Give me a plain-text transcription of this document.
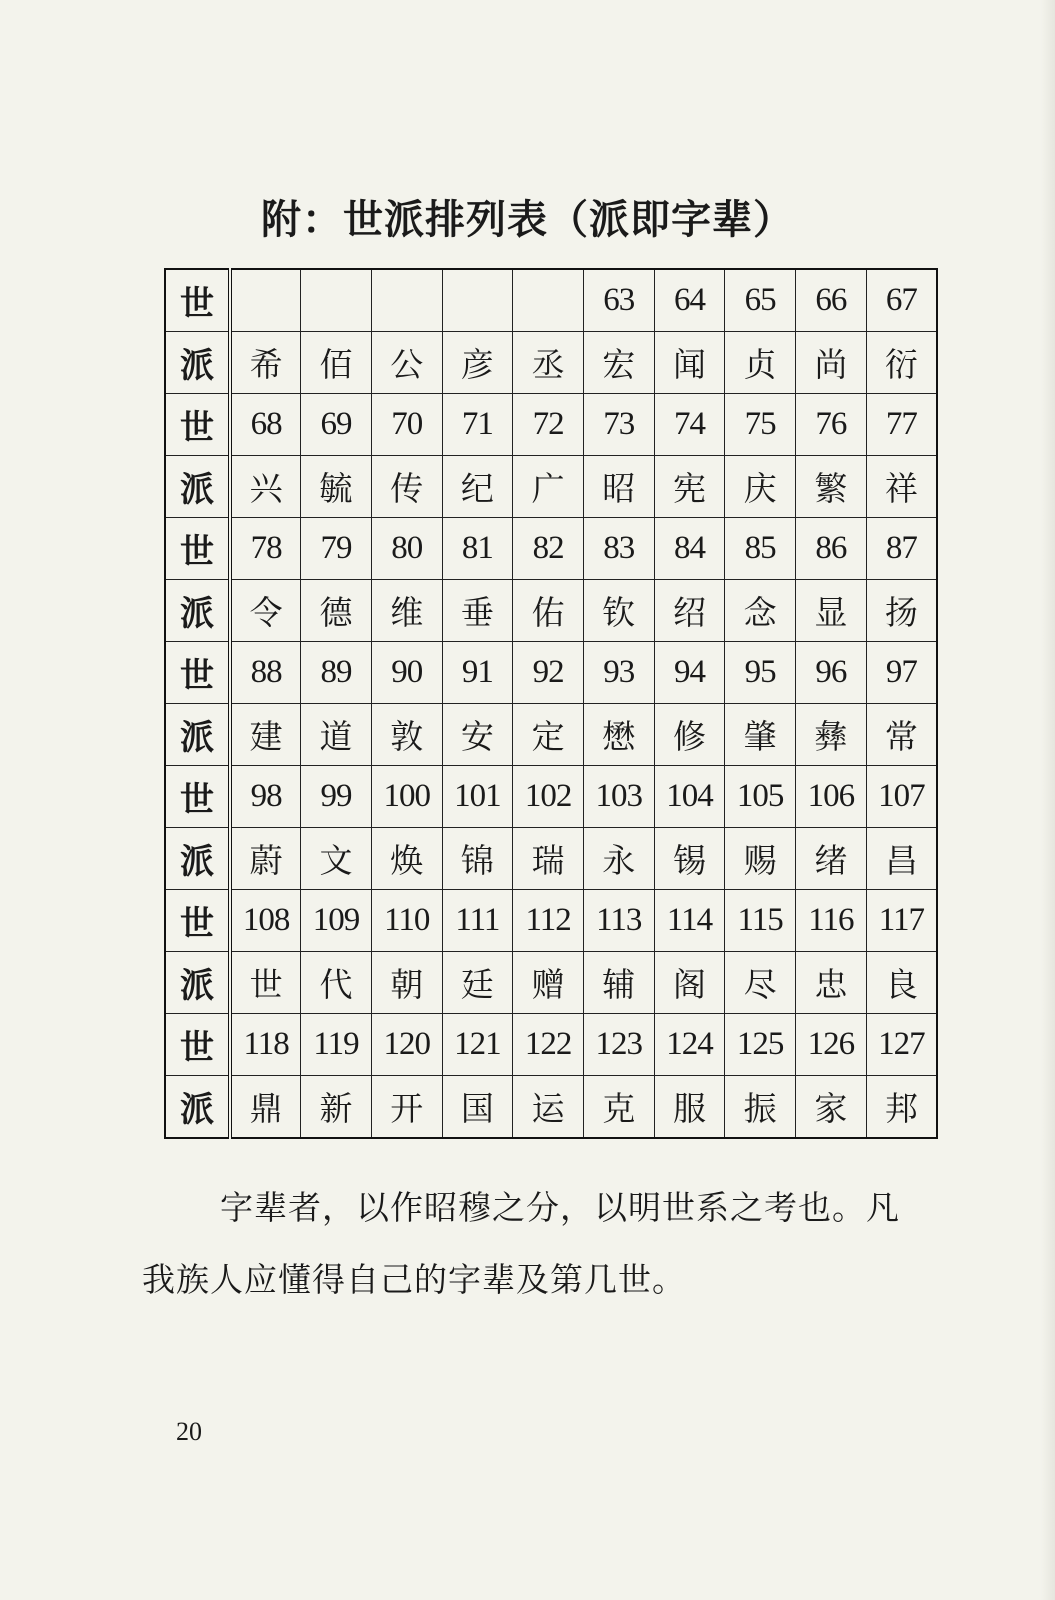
附：世派排列表（派即字辈）
世						63	64	65	66	67
派	希	佰	公	彦	丞	宏	闻	贞	尚	衍
世	68	69	70	71	72	73	74	75	76	77
派	兴	毓	传	纪	广	昭	宪	庆	繁	祥
世	78	79	80	81	82	83	84	85	86	87
派	令	德	维	垂	佑	钦	绍	念	显	扬
世	88	89	90	91	92	93	94	95	96	97
派	建	道	敦	安	定	懋	修	肇	彝	常
世	98	99	100	101	102	103	104	105	106	107
派	蔚	文	焕	锦	瑞	永	锡	赐	绪	昌
世	108	109	110	111	112	113	114	115	116	117
派	世	代	朝	廷	赠	辅	阁	尽	忠	良
世	118	119	120	121	122	123	124	125	126	127
派	鼎	新	开	国	运	克	服	振	家	邦
字辈者，以作昭穆之分，以明世系之考也。凡
我族人应懂得自己的字辈及第几世。
20
